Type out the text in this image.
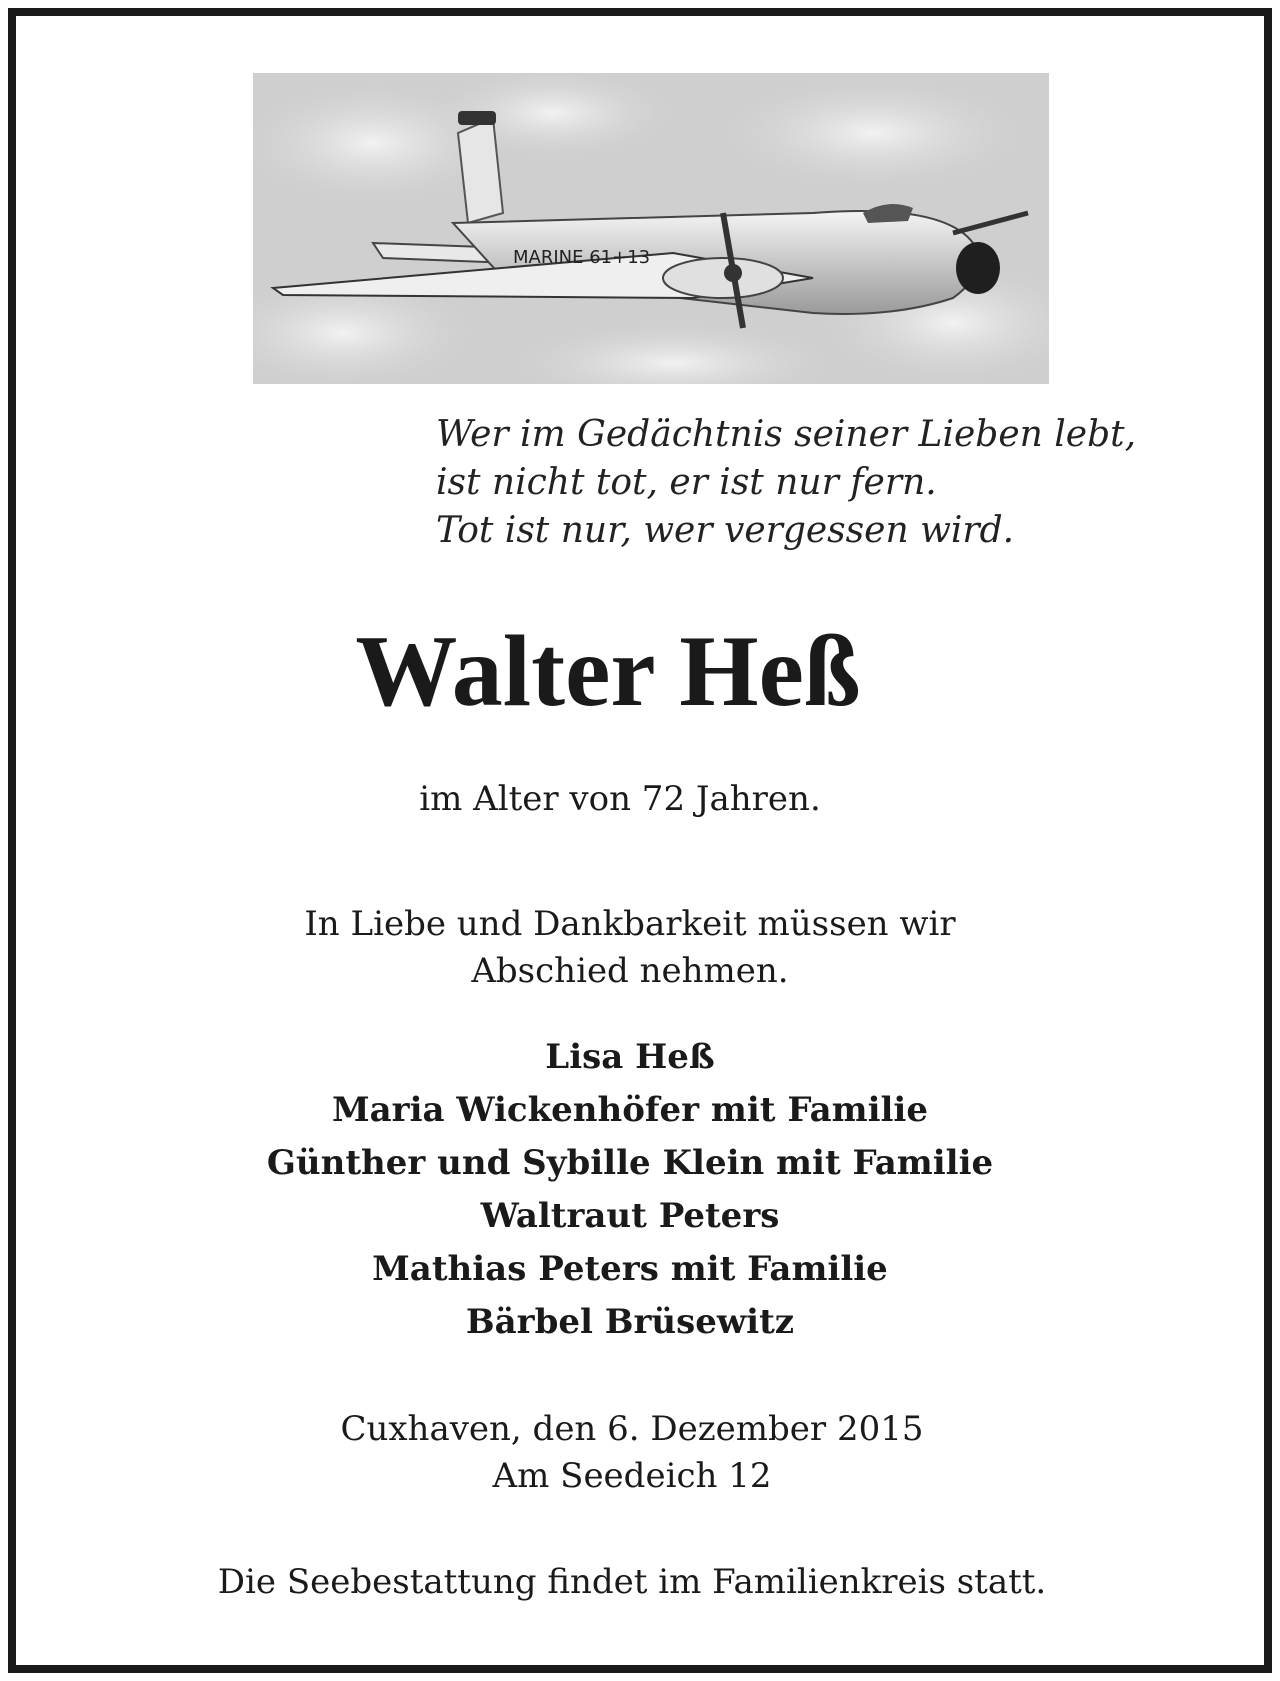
MARINE 61+13
Wer im Gedächtnis seiner Lieben lebt,
ist nicht tot, er ist nur fern.
Tot ist nur, wer vergessen wird.
Walter Heß
im Alter von 72 Jahren.
In Liebe und Dankbarkeit müssen wir
Abschied nehmen.
Lisa Heß
Maria Wickenhöfer mit Familie
Günther und Sybille Klein mit Familie
Waltraut Peters
Mathias Peters mit Familie
Bärbel Brüsewitz
Cuxhaven, den 6. Dezember 2015
Am Seedeich 12
Die Seebestattung findet im Familienkreis statt.
